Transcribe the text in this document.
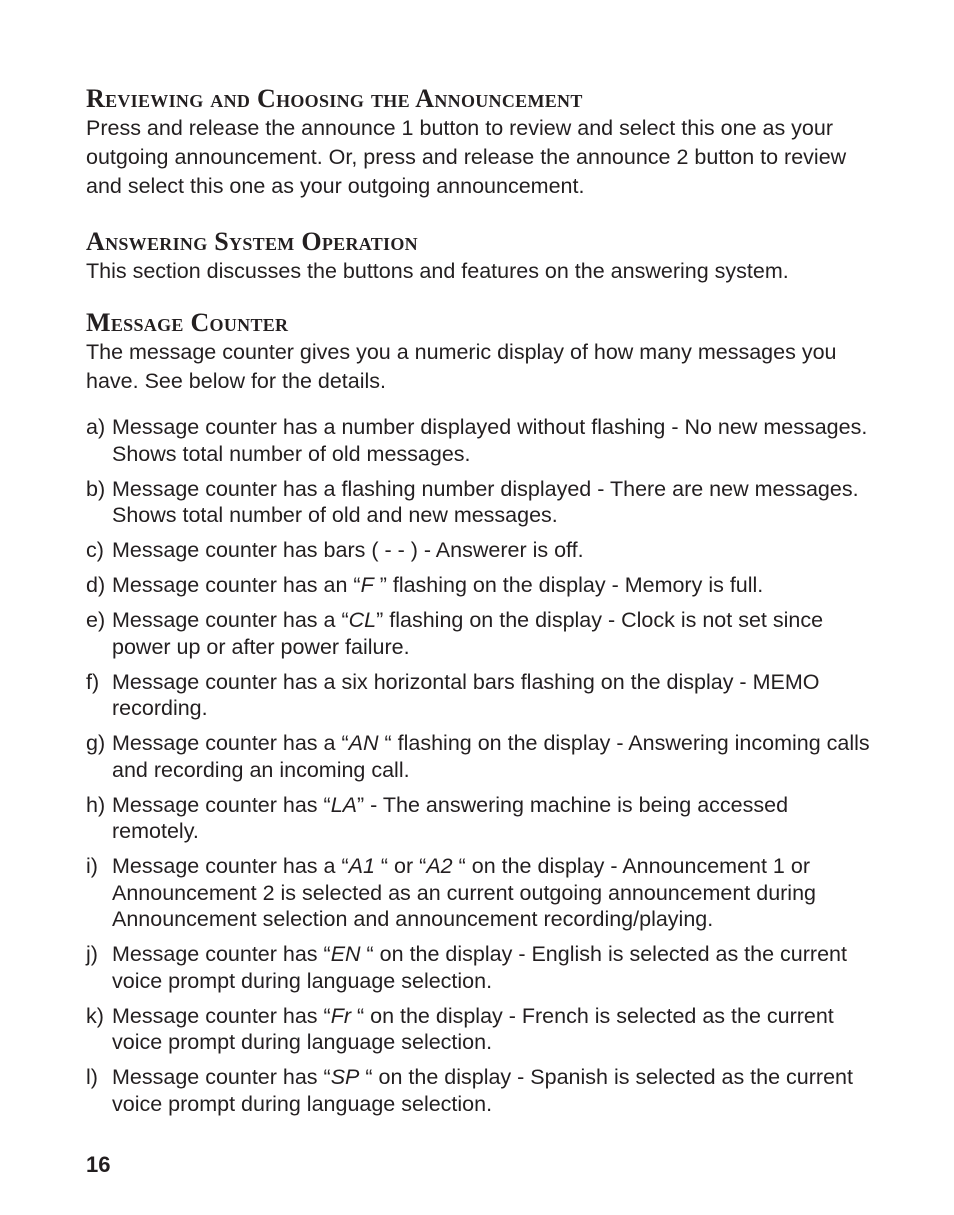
Reviewing and Choosing the Announcement

Press and release the announce 1 button to review and select this one as your outgoing announcement. Or, press and release the announce 2 button to review and select this one as your outgoing announcement.

Answering System Operation

This section discusses the buttons and features on the answering system.

Message Counter

The message counter gives you a numeric display of how many messages you have. See below for the details.

a) Message counter has a number displayed without flashing - No new messages. Shows total number of old messages.
b) Message counter has a flashing number displayed - There are new messages. Shows total number of old and new messages.
c) Message counter has bars ( - - ) - Answerer is off.
d) Message counter has an “F ” flashing on the display - Memory is full.
e) Message counter has a “CL” flashing on the display - Clock is not set since power up or after power failure.
f) Message counter has a six horizontal bars flashing on the display - MEMO recording.
g) Message counter has a “AN “ flashing on the display - Answering incoming calls and recording an incoming call.
h) Message counter has “LA” - The answering machine is being accessed remotely.
i) Message counter has a “A1 “ or “A2 “ on the display - Announcement 1 or Announcement 2 is selected as an current outgoing announcement during Announcement selection and announcement recording/playing.
j) Message counter has “EN “ on the display - English is selected as the current voice prompt during language selection.
k) Message counter has “Fr “ on the display - French is selected as the current voice prompt during language selection.
l) Message counter has “SP “ on the display - Spanish is selected as the current voice prompt during language selection.
16
